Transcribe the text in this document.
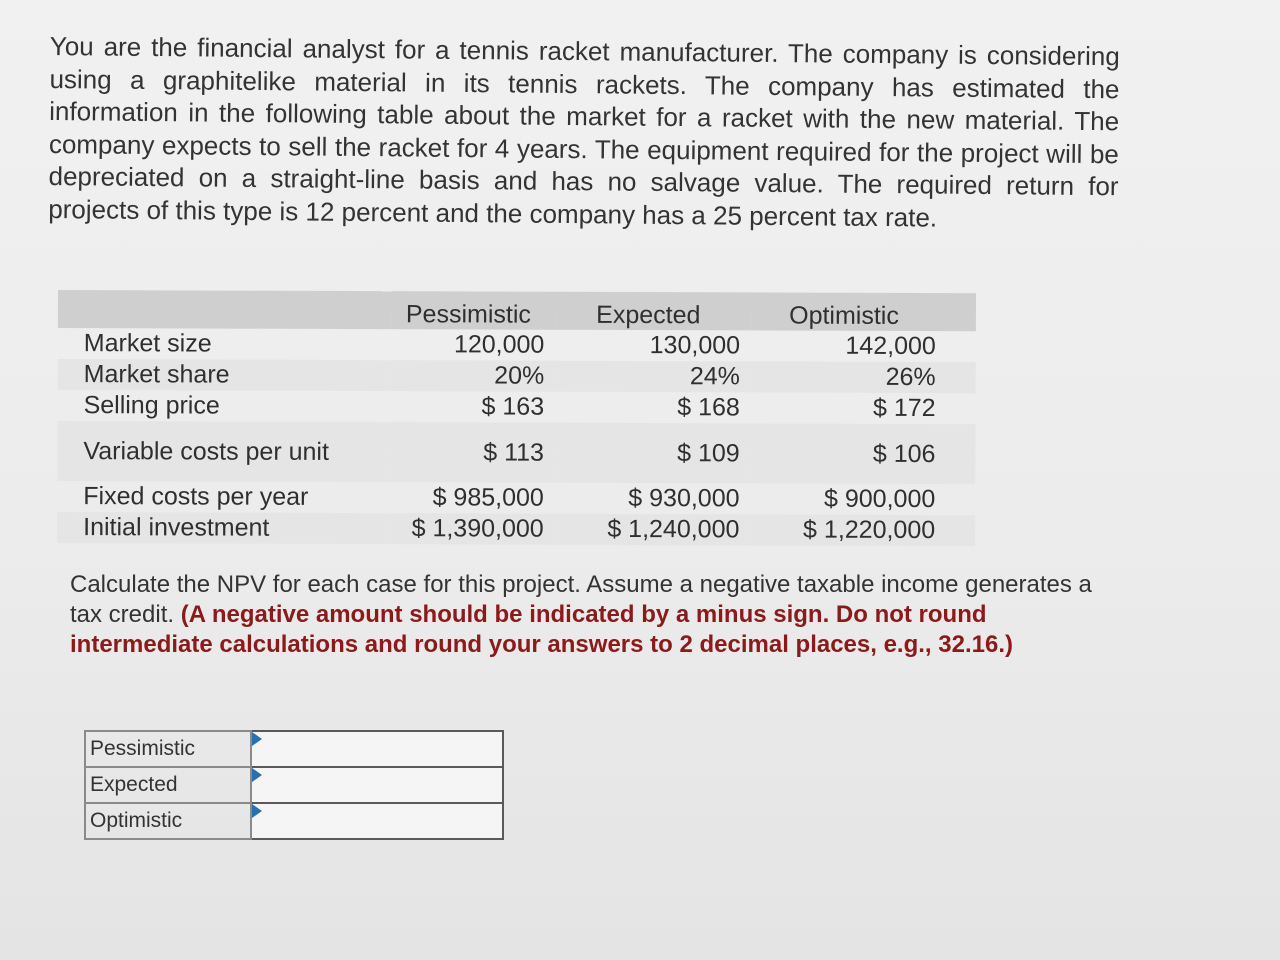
You are the financial analyst for a tennis racket manufacturer. The company is considering using a graphitelike material in its tennis rackets. The company has estimated the information in the following table about the market for a racket with the new material. The company expects to sell the racket for 4 years. The equipment required for the project will be depreciated on a straight-line basis and has no salvage value. The required return for projects of this type is 12 percent and the company has a 25 percent tax rate.
	Pessimistic	Expected	Optimistic
Market size	120,000	130,000	142,000
Market share	20%	24%	26%
Selling price	$ 163	$ 168	$ 172
Variable costs per unit	$ 113	$ 109	$ 106
Fixed costs per year	$ 985,000	$ 930,000	$ 900,000
Initial investment	$ 1,390,000	$ 1,240,000	$ 1,220,000
Calculate the NPV for each case for this project. Assume a negative taxable income generates a tax credit. (A negative amount should be indicated by a minus sign. Do not round intermediate calculations and round your answers to 2 decimal places, e.g., 32.16.)
Pessimistic	

Expected	

Optimistic	
